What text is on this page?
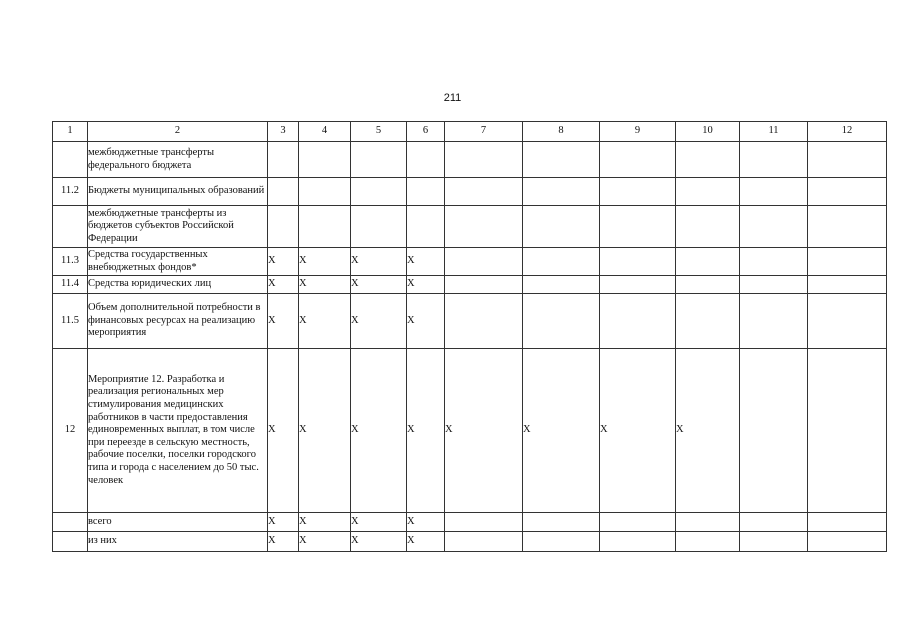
211
1	2	3	4	5	6	7	8	9	10	11	12
	межбюджетные трансферты федерального бюджета										
11.2	Бюджеты муниципальных образований										
	межбюджетные трансферты из бюджетов субъектов Российской Федерации										
11.3	Средства государственных внебюджетных фондов*	X	X	X	X						
11.4	Средства юридических лиц	X	X	X	X						
11.5	Объем дополнительной потребности в финансовых ресурсах на реализацию мероприятия	X	X	X	X						
12	Мероприятие 12. Разработка и реализация региональных мер стимулирования медицинских работников в части предоставления единовременных выплат, в том числе при переезде в сельскую местность, рабочие поселки, поселки городского типа и города с населением до 50 тыс. человек	X	X	X	X	X	X	X	X		
	всего	X	X	X	X						
	из них	X	X	X	X						
